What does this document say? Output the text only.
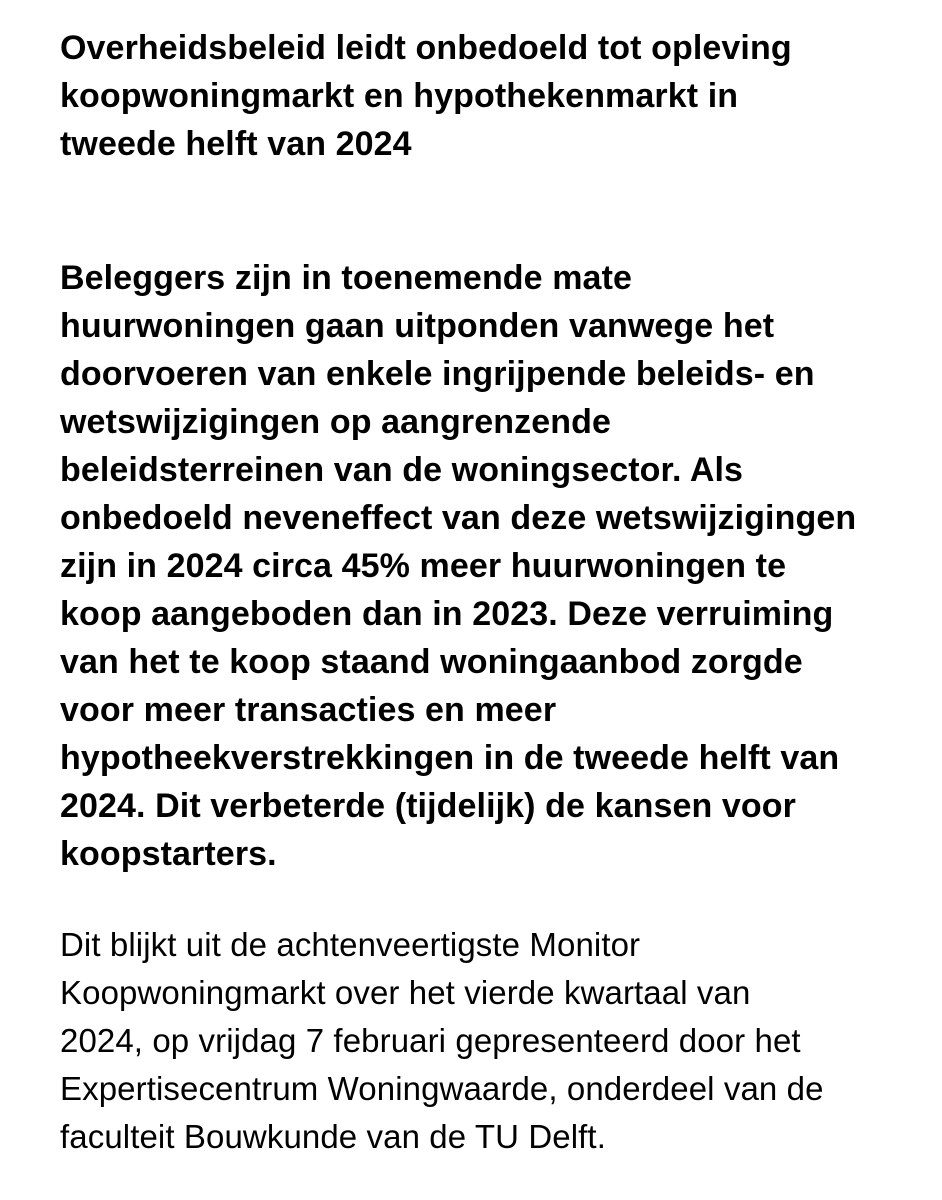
Overheidsbeleid leidt onbedoeld tot opleving
koopwoningmarkt en hypothekenmarkt in
tweede helft van 2024

Beleggers zijn in toenemende mate
huurwoningen gaan uitponden vanwege het
doorvoeren van enkele ingrijpende beleids- en
wetswijzigingen op aangrenzende
beleidsterreinen van de woningsector. Als
onbedoeld neveneffect van deze wetswijzigingen
zijn in 2024 circa 45% meer huurwoningen te
koop aangeboden dan in 2023. Deze verruiming
van het te koop staand woningaanbod zorgde
voor meer transacties en meer
hypotheekverstrekkingen in de tweede helft van
2024. Dit verbeterde (tijdelijk) de kansen voor
koopstarters.

Dit blijkt uit de achtenveertigste Monitor
Koopwoningmarkt over het vierde kwartaal van
2024, op vrijdag 7 februari gepresenteerd door het
Expertisecentrum Woningwaarde, onderdeel van de
faculteit Bouwkunde van de TU Delft.
